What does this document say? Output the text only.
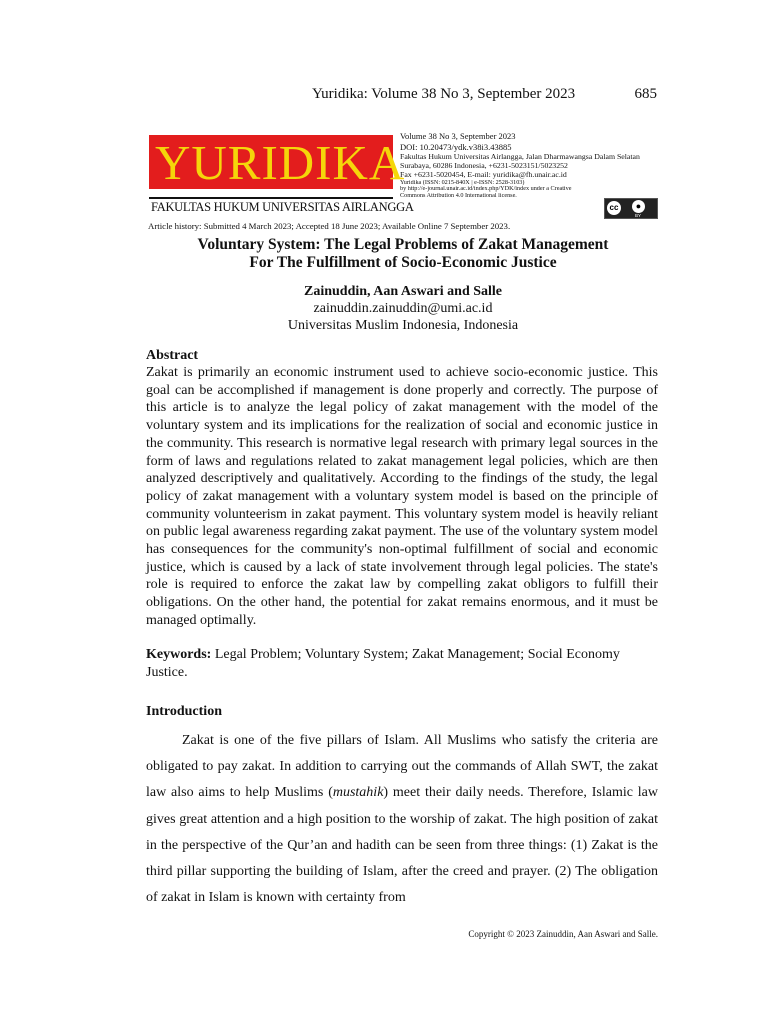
Yuridika: Volume 38 No 3, September 2023	685
YURIDIKA
FAKULTAS HUKUM UNIVERSITAS AIRLANGGA
Volume 38 No 3, September 2023
DOI: 10.20473/ydk.v38i3.43885
Fakultas Hukum Universitas Airlangga, Jalan Dharmawangsa Dalam Selatan
Surabaya, 60286 Indonesia, +6231-5023151/5023252
Fax +6231-5020454, E-mail: yuridika@fh.unair.ac.id
Yuridika (ISSN: 0215-840X | e-ISSN: 2528-3103)
by http://e-journal.unair.ac.id/index.php/YDK/index under a Creative
Commons Attribution 4.0 International license.
cc	●
BY
Article history: Submitted 4 March 2023; Accepted 18 June 2023; Available Online 7 September 2023.
Voluntary System: The Legal Problems of Zakat Management
For The Fulfillment of Socio-Economic Justice
Zainuddin, Aan Aswari and Salle
zainuddin.zainuddin@umi.ac.id
Universitas Muslim Indonesia, Indonesia
Abstract
Zakat is primarily an economic instrument used to achieve socio-economic justice. This goal can be accomplished if management is done properly and correctly. The purpose of this article is to analyze the legal policy of zakat management with the model of the voluntary system and its implications for the realization of social and economic justice in the community. This research is normative legal research with primary legal sources in the form of laws and regulations related to zakat management legal policies, which are then analyzed descriptively and qualitatively. According to the findings of the study, the legal policy of zakat management with a voluntary system model is based on the principle of community volunteerism in zakat payment. This voluntary system model is heavily reliant on public legal awareness regarding zakat payment. The use of the voluntary system model has consequences for the community's non-optimal fulfillment of social and economic justice, which is caused by a lack of state involvement through legal policies. The state's role is required to enforce the zakat law by compelling zakat obligors to fulfill their obligations. On the other hand, the potential for zakat remains enormous, and it must be managed optimally.
Keywords: Legal Problem; Voluntary System; Zakat Management; Social Economy Justice.
Introduction
Zakat is one of the five pillars of Islam. All Muslims who satisfy the criteria are obligated to pay zakat. In addition to carrying out the commands of Allah SWT, the zakat law also aims to help Muslims (mustahik) meet their daily needs. Therefore, Islamic law gives great attention and a high position to the worship of zakat. The high position of zakat in the perspective of the Qur’an and hadith can be seen from three things: (1) Zakat is the third pillar supporting the building of Islam, after the creed and prayer. (2) The obligation of zakat in Islam is known with certainty from
Copyright © 2023 Zainuddin, Aan Aswari and Salle.
